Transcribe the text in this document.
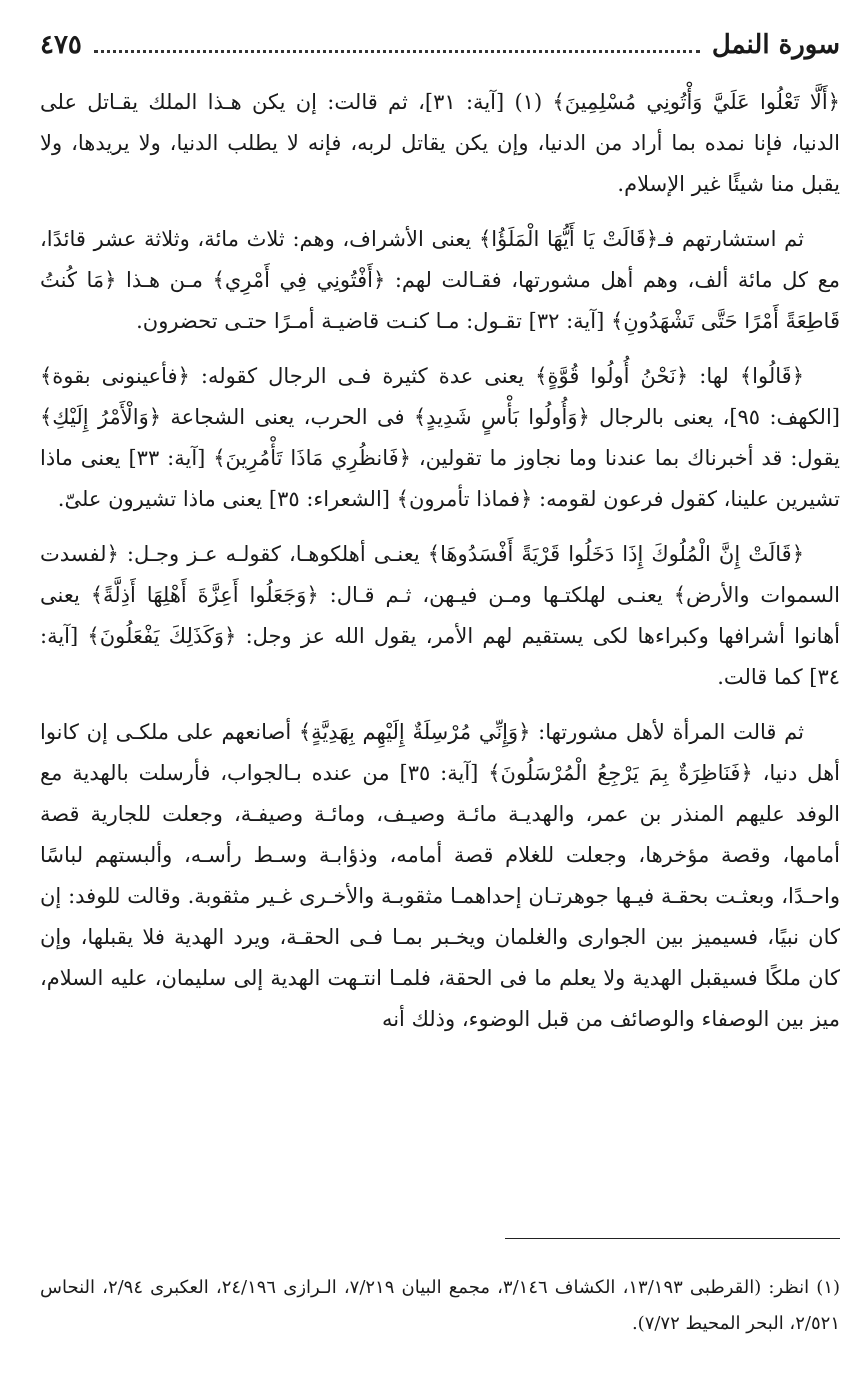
سورة النمل
٤٧٥

﴿أَلَّا تَعْلُوا عَلَيَّ وَأْتُونِي مُسْلِمِينَ﴾ (١) [آية: ٣١]، ثم قالت: إن يكن هـذا الملك يقـاتل على الدنيا، فإنا نمده بما أراد من الدنيا، وإن يكن يقاتل لربه، فإنه لا يطلب الدنيا، ولا يريدها، ولا يقبل منا شيئًا غير الإسلام.

ثم استشارتهم فـ﴿قَالَتْ يَا أَيُّهَا الْمَلَؤُا﴾ يعنى الأشراف، وهم: ثلاث مائة، وثلاثة عشر قائدًا، مع كل مائة ألف، وهم أهل مشورتها، فقـالت لهم: ﴿أَفْتُونِي فِي أَمْرِي﴾ مـن هـذا ﴿مَا كُنتُ قَاطِعَةً أَمْرًا حَتَّى تَشْهَدُونِ﴾ [آية: ٣٢] تقـول: مـا كنـت قاضيـة أمـرًا حتـى تحضرون.

﴿قَالُوا﴾ لها: ﴿نَحْنُ أُولُوا قُوَّةٍ﴾ يعنى عدة كثيرة فـى الرجال كقوله: ﴿فأعينونى بقوة﴾ [الكهف: ٩٥]، يعنى بالرجال ﴿وَأُولُوا بَأْسٍ شَدِيدٍ﴾ فى الحرب، يعنى الشجاعة ﴿وَالْأَمْرُ إِلَيْكِ﴾ يقول: قد أخبرناك بما عندنا وما نجاوز ما تقولين، ﴿فَانظُرِي مَاذَا تَأْمُرِينَ﴾ [آية: ٣٣] يعنى ماذا تشيرين علينا، كقول فرعون لقومه: ﴿فماذا تأمرون﴾ [الشعراء: ٣٥] يعنى ماذا تشيرون علىّ.

﴿قَالَتْ إِنَّ الْمُلُوكَ إِذَا دَخَلُوا قَرْيَةً أَفْسَدُوهَا﴾ يعنـى أهلكوهـا، كقولـه عـز وجـل: ﴿لفسدت السموات والأرض﴾ يعنـى لهلكتـها ومـن فيـهن، ثـم قـال: ﴿وَجَعَلُوا أَعِزَّةَ أَهْلِهَا أَذِلَّةً﴾ يعنى أهانوا أشرافها وكبراءها لكى يستقيم لهم الأمر، يقول الله عز وجل: ﴿وَكَذَلِكَ يَفْعَلُونَ﴾ [آية: ٣٤] كما قالت.

ثم قالت المرأة لأهل مشورتها: ﴿وَإِنِّي مُرْسِلَةٌ إِلَيْهِم بِهَدِيَّةٍ﴾ أصانعهم على ملكـى إن كانوا أهل دنيا، ﴿فَنَاظِرَةٌ بِمَ يَرْجِعُ الْمُرْسَلُونَ﴾ [آية: ٣٥] من عنده بـالجواب، فأرسلت بالهدية مع الوفد عليهم المنذر بن عمر، والهديـة مائـة وصيـف، ومائـة وصيفـة، وجعلت للجارية قصة أمامها، وقصة مؤخرها، وجعلت للغلام قصة أمامه، وذؤابـة وسـط رأسـه، وألبستهم لباسًا واحـدًا، وبعثـت بحقـة فيـها جوهرتـان إحداهمـا مثقوبـة والأخـرى غـير مثقوبة. وقالت للوفد: إن كان نبيًا، فسيميز بين الجوارى والغلمان ويخـبر بمـا فـى الحقـة، ويرد الهدية فلا يقبلها، وإن كان ملكًا فسيقبل الهدية ولا يعلم ما فى الحقة، فلمـا انتـهت الهدية إلى سليمان، عليه السلام، ميز بين الوصفاء والوصائف من قبل الوضوء، وذلك أنه

(١) انظر: (القرطبى ١٣/١٩٣، الكشاف ٣/١٤٦، مجمع البيان ٧/٢١٩، الـرازى ٢٤/١٩٦، العكبرى ٢/٩٤، النحاس ٢/٥٢١، البحر المحيط ٧/٧٢).
